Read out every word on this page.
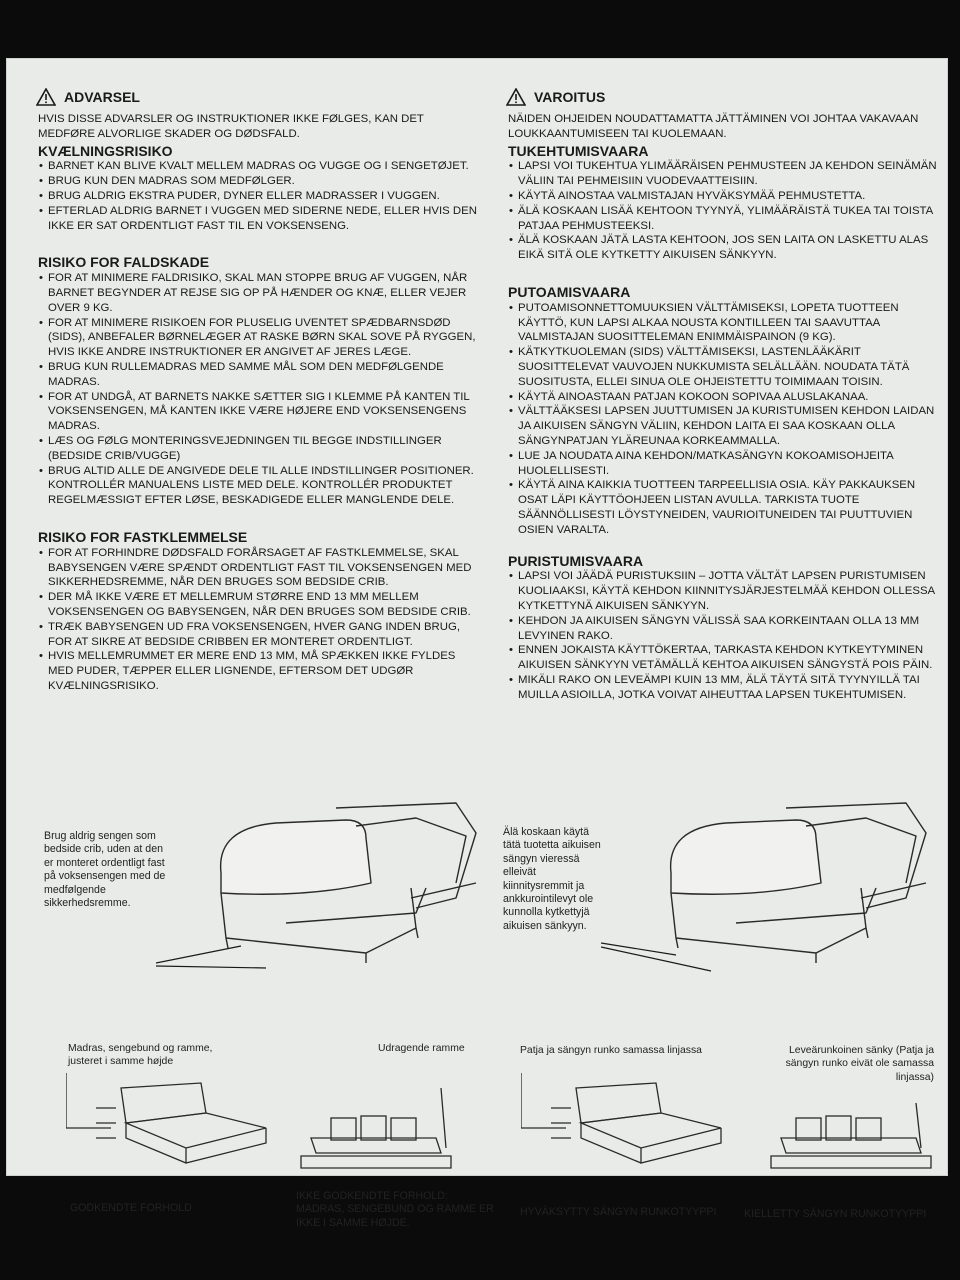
ADVARSEL
HVIS DISSE ADVARSLER OG INSTRUKTIONER IKKE FØLGES, KAN DET MEDFØRE ALVORLIGE SKADER OG DØDSFALD.
KVÆLNINGSRISIKO
• BARNET KAN BLIVE KVALT MELLEM MADRAS OG VUGGE OG I SENGETØJET.
• BRUG KUN DEN MADRAS SOM MEDFØLGER.
• BRUG ALDRIG EKSTRA PUDER, DYNER ELLER MADRASSER I VUGGEN.
• EFTERLAD ALDRIG BARNET I VUGGEN MED SIDERNE NEDE, ELLER HVIS DEN IKKE ER SAT ORDENTLIGT FAST TIL EN VOKSENSENG.
RISIKO FOR FALDSKADE
• FOR AT MINIMERE FALDRISIKO, SKAL MAN STOPPE BRUG AF VUGGEN, NÅR BARNET BEGYNDER AT REJSE SIG OP PÅ HÆNDER OG KNÆ, ELLER VEJER OVER 9 KG.
• FOR AT MINIMERE RISIKOEN FOR PLUSELIG UVENTET SPÆDBARNSDØD (SIDS), ANBEFALER BØRNELÆGER AT RASKE BØRN SKAL SOVE PÅ RYGGEN, HVIS IKKE ANDRE INSTRUKTIONER ER ANGIVET AF JERES LÆGE.
• BRUG KUN RULLEMADRAS MED SAMME MÅL SOM DEN MEDFØLGENDE MADRAS.
• FOR AT UNDGÅ, AT BARNETS NAKKE SÆTTER SIG I KLEMME PÅ KANTEN TIL VOKSENSENGEN, MÅ KANTEN IKKE VÆRE HØJERE END VOKSENSENGENS MADRAS.
• LÆS OG FØLG MONTERINGSVEJEDNINGEN TIL BEGGE INDSTILLINGER (BEDSIDE CRIB/VUGGE)
• BRUG ALTID ALLE DE ANGIVEDE DELE TIL ALLE INDSTILLINGER POSITIONER. KONTROLLÉR MANUALENS LISTE MED DELE. KONTROLLÉR PRODUKTET REGELMÆSSIGT EFTER LØSE, BESKADIGEDE ELLER MANGLENDE DELE.
RISIKO FOR FASTKLEMMELSE
• FOR AT FORHINDRE DØDSFALD FORÅRSAGET AF FASTKLEMMELSE, SKAL BABYSENGEN VÆRE SPÆNDT ORDENTLIGT FAST TIL VOKSENSENGEN MED SIKKERHEDSREMME, NÅR DEN BRUGES SOM BEDSIDE CRIB.
• DER MÅ IKKE VÆRE ET MELLEMRUM STØRRE END 13 MM MELLEM VOKSENSENGEN OG BABYSENGEN, NÅR DEN BRUGES SOM BEDSIDE CRIB.
• TRÆK BABYSENGEN UD FRA VOKSENSENGEN, HVER GANG INDEN BRUG, FOR AT SIKRE AT BEDSIDE CRIBBEN ER MONTERET ORDENTLIGT.
• HVIS MELLEMRUMMET ER MERE END 13 MM, MÅ SPÆKKEN IKKE FYLDES MED PUDER, TÆPPER ELLER LIGNENDE, EFTERSOM DET UDGØR KVÆLNINGSRISIKO.
VAROITUS
NÄIDEN OHJEIDEN NOUDATTAMATTA JÄTTÄMINEN VOI JOHTAA VAKAVAAN LOUKKAANTUMISEEN TAI KUOLEMAAN.
TUKEHTUMISVAARA
• LAPSI VOI TUKEHTUA YLIMÄÄRÄISEN PEHMUSTEEN JA KEHDON SEINÄMÄN VÄLIIN TAI PEHMEISIIN VUODEVAATTEISIIN.
• KÄYTÄ AINOSTAA VALMISTAJAN HYVÄKSYMÄÄ PEHMUSTETTA.
• ÄLÄ KOSKAAN LISÄÄ KEHTOON TYYNYÄ, YLIMÄÄRÄISTÄ TUKEA TAI TOISTA PATJAA PEHMUSTEEKSI.
• ÄLÄ KOSKAAN JÄTÄ LASTA KEHTOON, JOS SEN LAITA ON LASKETTU ALAS EIKÄ SITÄ OLE KYTKETTY AIKUISEN SÄNKYYN.
PUTOAMISVAARA
• PUTOAMISONNETTOMUUKSIEN VÄLTTÄMISEKSI, LOPETA TUOTTEEN KÄYTTÖ, KUN LAPSI ALKAA NOUSTA KONTILLEEN TAI SAAVUTTAA VALMISTAJAN SUOSITTELEMAN ENIMMÄISPAINON (9 KG).
• KÄTKYTKUOLEMAN (SIDS) VÄLTTÄMISEKSI, LASTENLÄÄKÄRIT SUOSITTELEVAT VAUVOJEN NUKKUMISTA SELÄLLÄÄN. NOUDATA TÄTÄ SUOSITUSTA, ELLEI SINUA OLE OHJEISTETTU TOIMIMAAN TOISIN.
• KÄYTÄ AINOASTAAN PATJAN KOKOON SOPIVAA ALUSLAKANAA.
• VÄLTTÄÄKSESI LAPSEN JUUTTUMISEN JA KURISTUMISEN KEHDON LAIDAN JA AIKUISEN SÄNGYN VÄLIIN, KEHDON LAITA EI SAA KOSKAAN OLLA SÄNGYNPATJAN YLÄREUNAA KORKEAMMALLA.
• LUE JA NOUDATA AINA KEHDON/MATKASÄNGYN KOKOAMISOHJEITA HUOLELLISESTI.
• KÄYTÄ AINA KAIKKIA TUOTTEEN TARPEELLISIA OSIA. KÄY PAKKAUKSEN OSAT LÄPI KÄYTTÖOHJEEN LISTAN AVULLA. TARKISTA TUOTE SÄÄNNÖLLISESTI LÖYSTYNEIDEN, VAURIOITUNEIDEN TAI PUUTTUVIEN OSIEN VARALTA.
PURISTUMISVAARA
• LAPSI VOI JÄÄDÄ PURISTUKSIIN – JOTTA VÄLTÄT LAPSEN PURISTUMISEN KUOLIAAKSI, KÄYTÄ KEHDON KIINNITYSJÄRJESTELMÄÄ KEHDON OLLESSA KYTKETTYNÄ AIKUISEN SÄNKYYN.
• KEHDON JA AIKUISEN SÄNGYN VÄLISSÄ SAA KORKEINTAAN OLLA 13 MM LEVYINEN RAKO.
• ENNEN JOKAISTA KÄYTTÖKERTAA, TARKASTA KEHDON KYTKEYTYMINEN AIKUISEN SÄNKYYN VETÄMÄLLÄ KEHTOA AIKUISEN SÄNGYSTÄ POIS PÄIN.
• MIKÄLI RAKO ON LEVEÄMPI KUIN 13 MM, ÄLÄ TÄYTÄ SITÄ TYYNYILLÄ TAI MUILLA ASIOILLA, JOTKA VOIVAT AIHEUTTAA LAPSEN TUKEHTUMISEN.
Brug aldrig sengen som bedside crib, uden at den er monteret ordentligt fast på voksensengen med de medfølgende sikkerhedsremme.
Älä koskaan käytä tätä tuotetta aikuisen sängyn vieressä elleivät kiinnitysremmit ja ankkurointilevyt ole kunnolla kytkettyjä aikuisen sänkyyn.
Madras, sengebund og ramme, justeret i samme højde
Udragende ramme	Patja ja sängyn runko samassa linjassa	Leveärunkoinen sänky (Patja ja sängyn runko eivät ole samassa linjassa)
GODKENDTE FORHOLD
IKKE GODKENDTE FORHOLD: MADRAS, SENGEBUND OG RAMME ER IKKE I SAMME HØJDE.
HYVÄKSYTTY SÄNGYN RUNKOTYYPPI	KIELLETTY SÄNGYN RUNKOTYYPPI
